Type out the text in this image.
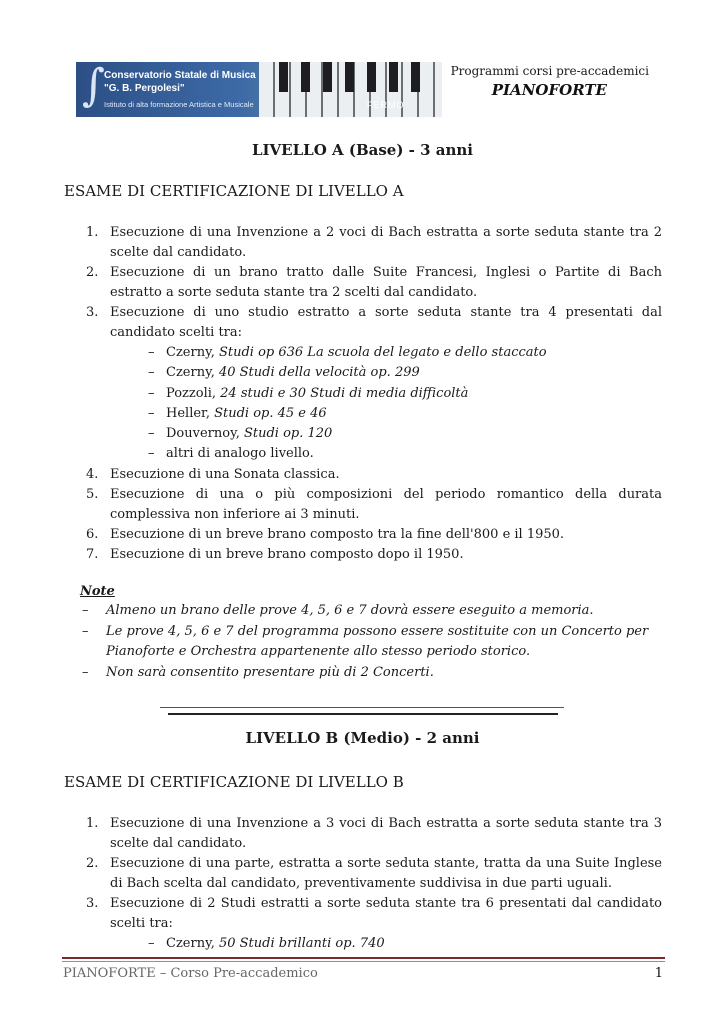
∫ Conservatorio Statale di Musica
"G. B. Pergolesi"
Istituto di alta formazione Artistica e Musicale	FERMO
Programmi corsi pre-accademici
PIANOFORTE
LIVELLO A (Base) - 3 anni
ESAME DI CERTIFICAZIONE DI LIVELLO A
1. Esecuzione di una Invenzione a 2 voci di Bach estratta a sorte seduta stante tra 2 scelte dal candidato.
2. Esecuzione di un brano tratto dalle Suite Francesi, Inglesi o Partite di Bach estratto a sorte seduta stante tra 2 scelti dal candidato.
3. Esecuzione di uno studio estratto a sorte seduta stante tra 4 presentati dal candidato scelti tra:
– Czerny, Studi op 636 La scuola del legato e dello staccato
– Czerny, 40 Studi della velocità op. 299
– Pozzoli, 24 studi e 30 Studi di media difficoltà
– Heller, Studi op. 45 e 46
– Douvernoy, Studi op. 120
– altri di analogo livello.
4. Esecuzione di una Sonata classica.
5. Esecuzione di una o più composizioni del periodo romantico della durata complessiva non inferiore ai 3 minuti.
6. Esecuzione di un breve brano composto tra la fine dell'800 e il 1950.
7. Esecuzione di un breve brano composto dopo il 1950.
Note
– Almeno un brano delle prove 4, 5, 6 e 7 dovrà essere eseguito a memoria.
– Le prove 4, 5, 6 e 7 del programma possono essere sostituite con un Concerto per Pianoforte e Orchestra appartenente allo stesso periodo storico.
– Non sarà consentito presentare più di 2 Concerti.
LIVELLO B (Medio) - 2 anni
ESAME DI CERTIFICAZIONE DI LIVELLO B
1. Esecuzione di una Invenzione a 3 voci di Bach estratta a sorte seduta stante tra 3 scelte dal candidato.
2. Esecuzione di una parte, estratta a sorte seduta stante, tratta da una Suite Inglese di Bach scelta dal candidato, preventivamente suddivisa in due parti uguali.
3. Esecuzione di 2 Studi estratti a sorte seduta stante tra 6 presentati dal candidato scelti tra:
– Czerny, 50 Studi brillanti op. 740
PIANOFORTE – Corso Pre-accademico	1
